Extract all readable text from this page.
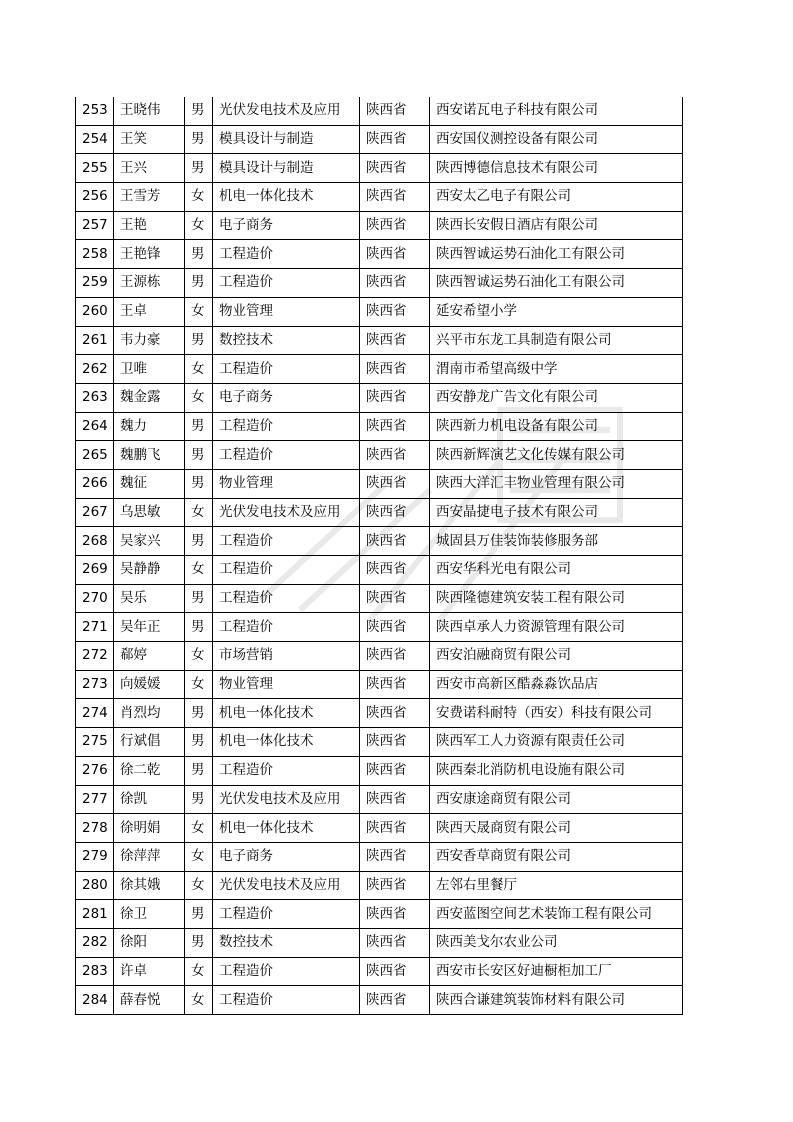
253	王晓伟	男	光伏发电技术及应用	陕西省	西安诺瓦电子科技有限公司
254	王笑	男	模具设计与制造	陕西省	西安国仪测控设备有限公司
255	王兴	男	模具设计与制造	陕西省	陕西博德信息技术有限公司
256	王雪芳	女	机电一体化技术	陕西省	西安太乙电子有限公司
257	王艳	女	电子商务	陕西省	陕西长安假日酒店有限公司
258	王艳锋	男	工程造价	陕西省	陕西智诚运势石油化工有限公司
259	王源栋	男	工程造价	陕西省	陕西智诚运势石油化工有限公司
260	王卓	女	物业管理	陕西省	延安希望小学
261	韦力豪	男	数控技术	陕西省	兴平市东龙工具制造有限公司
262	卫唯	女	工程造价	陕西省	渭南市希望高级中学
263	魏金露	女	电子商务	陕西省	西安静龙广告文化有限公司
264	魏力	男	工程造价	陕西省	陕西新力机电设备有限公司
265	魏鹏飞	男	工程造价	陕西省	陕西新辉演艺文化传媒有限公司
266	魏征	男	物业管理	陕西省	陕西大洋汇丰物业管理有限公司
267	乌思敏	女	光伏发电技术及应用	陕西省	西安晶捷电子技术有限公司
268	吴家兴	男	工程造价	陕西省	城固县万佳装饰装修服务部
269	吴静静	女	工程造价	陕西省	西安华科光电有限公司
270	吴乐	男	工程造价	陕西省	陕西隆德建筑安装工程有限公司
271	吴年正	男	工程造价	陕西省	陕西卓承人力资源管理有限公司
272	郗婷	女	市场营销	陕西省	西安泊融商贸有限公司
273	向媛媛	女	物业管理	陕西省	西安市高新区酷淼淼饮品店
274	肖烈均	男	机电一体化技术	陕西省	安费诺科耐特（西安）科技有限公司
275	行斌倡	男	机电一体化技术	陕西省	陕西军工人力资源有限责任公司
276	徐二乾	男	工程造价	陕西省	陕西秦北消防机电设施有限公司
277	徐凯	男	光伏发电技术及应用	陕西省	西安康途商贸有限公司
278	徐明娟	女	机电一体化技术	陕西省	陕西天晟商贸有限公司
279	徐萍萍	女	电子商务	陕西省	西安香草商贸有限公司
280	徐其娥	女	光伏发电技术及应用	陕西省	左邻右里餐厅
281	徐卫	男	工程造价	陕西省	西安蓝图空间艺术装饰工程有限公司
282	徐阳	男	数控技术	陕西省	陕西美戈尔农业公司
283	许卓	女	工程造价	陕西省	西安市长安区好迪橱柜加工厂
284	薛春悦	女	工程造价	陕西省	陕西合谦建筑装饰材料有限公司
